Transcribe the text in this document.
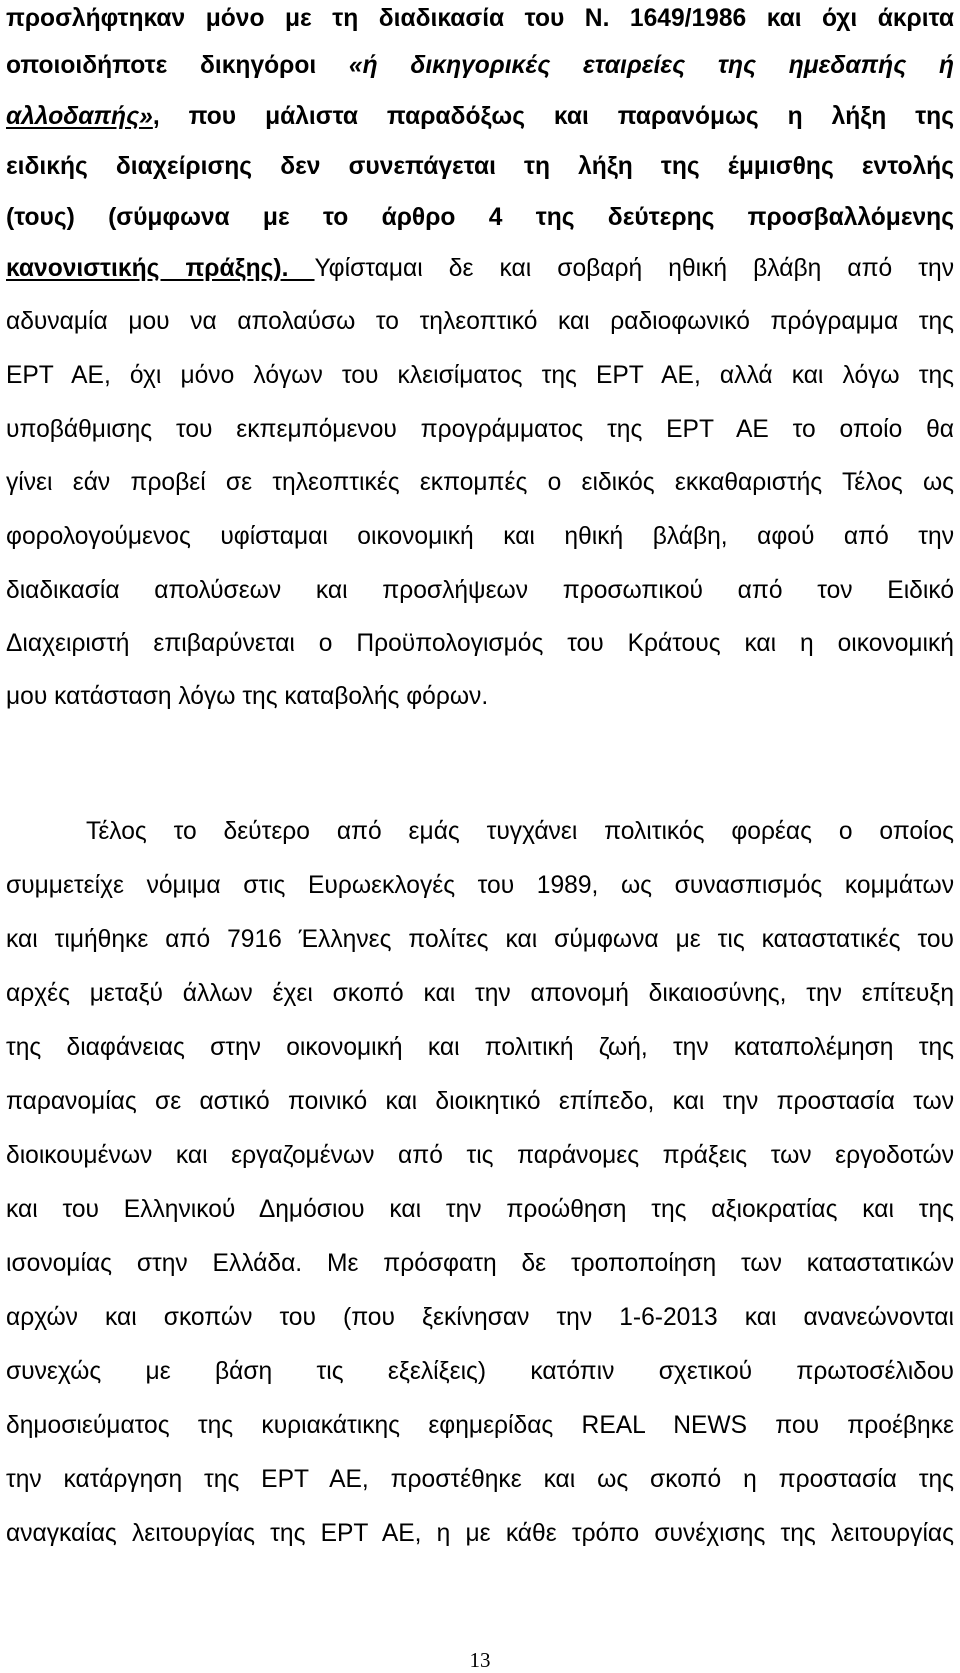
προσλήφτηκαν μόνο με τη διαδικασία του Ν. 1649/1986 και όχι άκριτα
οποιοιδήποτε δικηγόροι «ή δικηγορικές εταιρείες της ημεδαπής ή
αλλοδαπής», που μάλιστα παραδόξως και παρανόμως η λήξη της
ειδικής διαχείρισης δεν συνεπάγεται τη λήξη της έμμισθης εντολής
(τους) (σύμφωνα με το άρθρο 4 της δεύτερης προσβαλλόμενης
κανονιστικής πράξης). Υφίσταμαι δε και σοβαρή ηθική βλάβη από την
αδυναμία μου να απολαύσω το τηλεοπτικό και ραδιοφωνικό πρόγραμμα της
ΕΡΤ ΑΕ, όχι μόνο λόγων του κλεισίματος της ΕΡΤ ΑΕ, αλλά και λόγω της
υποβάθμισης του εκπεμπόμενου προγράμματος της ΕΡΤ ΑΕ το οποίο θα
γίνει εάν προβεί σε τηλεοπτικές εκπομπές ο ειδικός εκκαθαριστής Τέλος ως
φορολογούμενος υφίσταμαι οικονομική και ηθική βλάβη, αφού από την
διαδικασία απολύσεων και προσλήψεων προσωπικού από τον Ειδικό
Διαχειριστή επιβαρύνεται ο Προϋπολογισμός του Κράτους και η οικονομική
μου κατάσταση λόγω της καταβολής φόρων.
Τέλος το δεύτερο από εμάς τυγχάνει πολιτικός φορέας ο οποίος
συμμετείχε νόμιμα στις Ευρωεκλογές του 1989, ως συνασπισμός κομμάτων
και τιμήθηκε από 7916 Έλληνες πολίτες και σύμφωνα με τις καταστατικές του
αρχές μεταξύ άλλων έχει σκοπό και την απονομή δικαιοσύνης, την επίτευξη
της διαφάνειας στην οικονομική και πολιτική ζωή, την καταπολέμηση της
παρανομίας σε αστικό ποινικό και διοικητικό επίπεδο, και την προστασία των
διοικουμένων και εργαζομένων από τις παράνομες πράξεις των εργοδοτών
και του Ελληνικού Δημόσιου και την προώθηση της αξιοκρατίας και της
ισονομίας στην Ελλάδα. Με πρόσφατη δε τροποποίηση των καταστατικών
αρχών και σκοπών του (που ξεκίνησαν την 1-6-2013 και ανανεώνονται
συνεχώς με βάση τις εξελίξεις) κατόπιν σχετικού πρωτοσέλιδου
δημοσιεύματος της κυριακάτικης εφημερίδας REAL NEWS που προέβηκε
την κατάργηση της ΕΡΤ ΑΕ, προστέθηκε και ως σκοπό η προστασία της
αναγκαίας λειτουργίας της ΕΡΤ ΑΕ, η με κάθε τρόπο συνέχισης της λειτουργίας
13
